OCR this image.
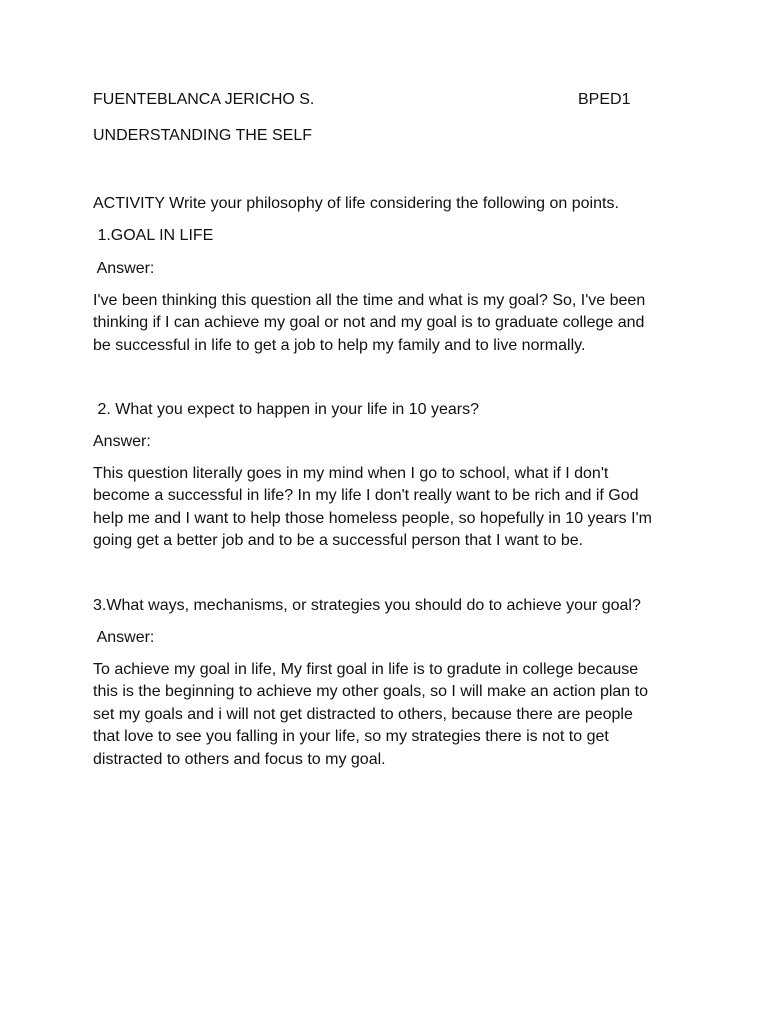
FUENTEBLANCA JERICHO S.	BPED1

UNDERSTANDING THE SELF

ACTIVITY Write your philosophy of life considering the following on points.

1.GOAL IN LIFE

Answer:

I've been thinking this question all the time and what is my goal? So, I've been
thinking if I can achieve my goal or not and my goal is to graduate college and
be successful in life to get a job to help my family and to live normally.

2. What you expect to happen in your life in 10 years?

Answer:

This question literally goes in my mind when I go to school, what if I don't
become a successful in life? In my life I don't really want to be rich and if God
help me and I want to help those homeless people, so hopefully in 10 years I'm
going get a better job and to be a successful person that I want to be.

3.What ways, mechanisms, or strategies you should do to achieve your goal?

Answer:

To achieve my goal in life, My first goal in life is to gradute in college because
this is the beginning to achieve my other goals, so I will make an action plan to
set my goals and i will not get distracted to others, because there are people
that love to see you falling in your life, so my strategies there is not to get
distracted to others and focus to my goal.
